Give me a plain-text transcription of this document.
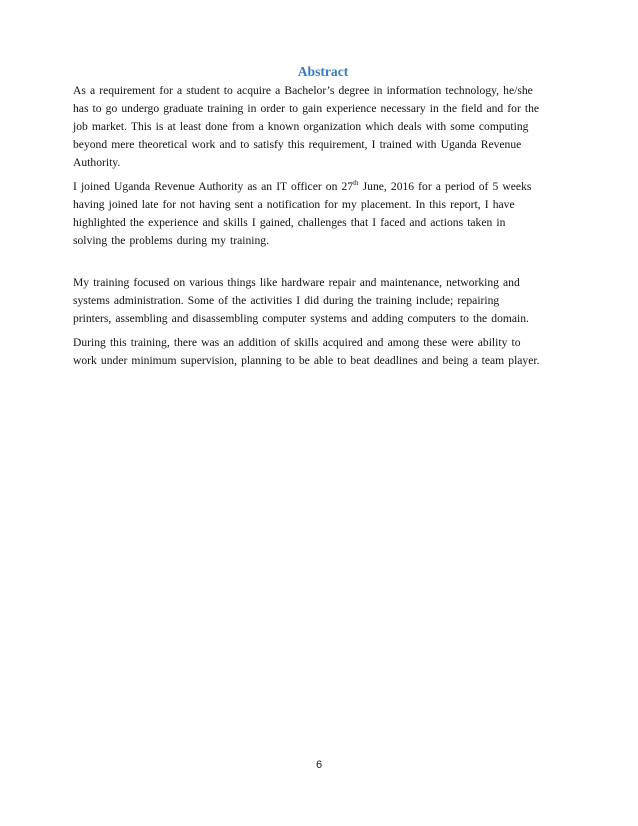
Abstract

As a requirement for a student to acquire a Bachelor’s degree in information technology, he/she
has to go undergo graduate training in order to gain experience necessary in the field and for the
job market. This is at least done from a known organization which deals with some computing
beyond mere theoretical work and to satisfy this requirement, I trained with Uganda Revenue
Authority.

I joined Uganda Revenue Authority as an IT officer on 27th June, 2016 for a period of 5 weeks
having joined late for not having sent a notification for my placement. In this report, I have
highlighted the experience and skills I gained, challenges that I faced and actions taken in
solving the problems during my training.

My training focused on various things like hardware repair and maintenance, networking and
systems administration. Some of the activities I did during the training include; repairing
printers, assembling and disassembling computer systems and adding computers to the domain.

During this training, there was an addition of skills acquired and among these were ability to
work under minimum supervision, planning to be able to beat deadlines and being a team player.

6
